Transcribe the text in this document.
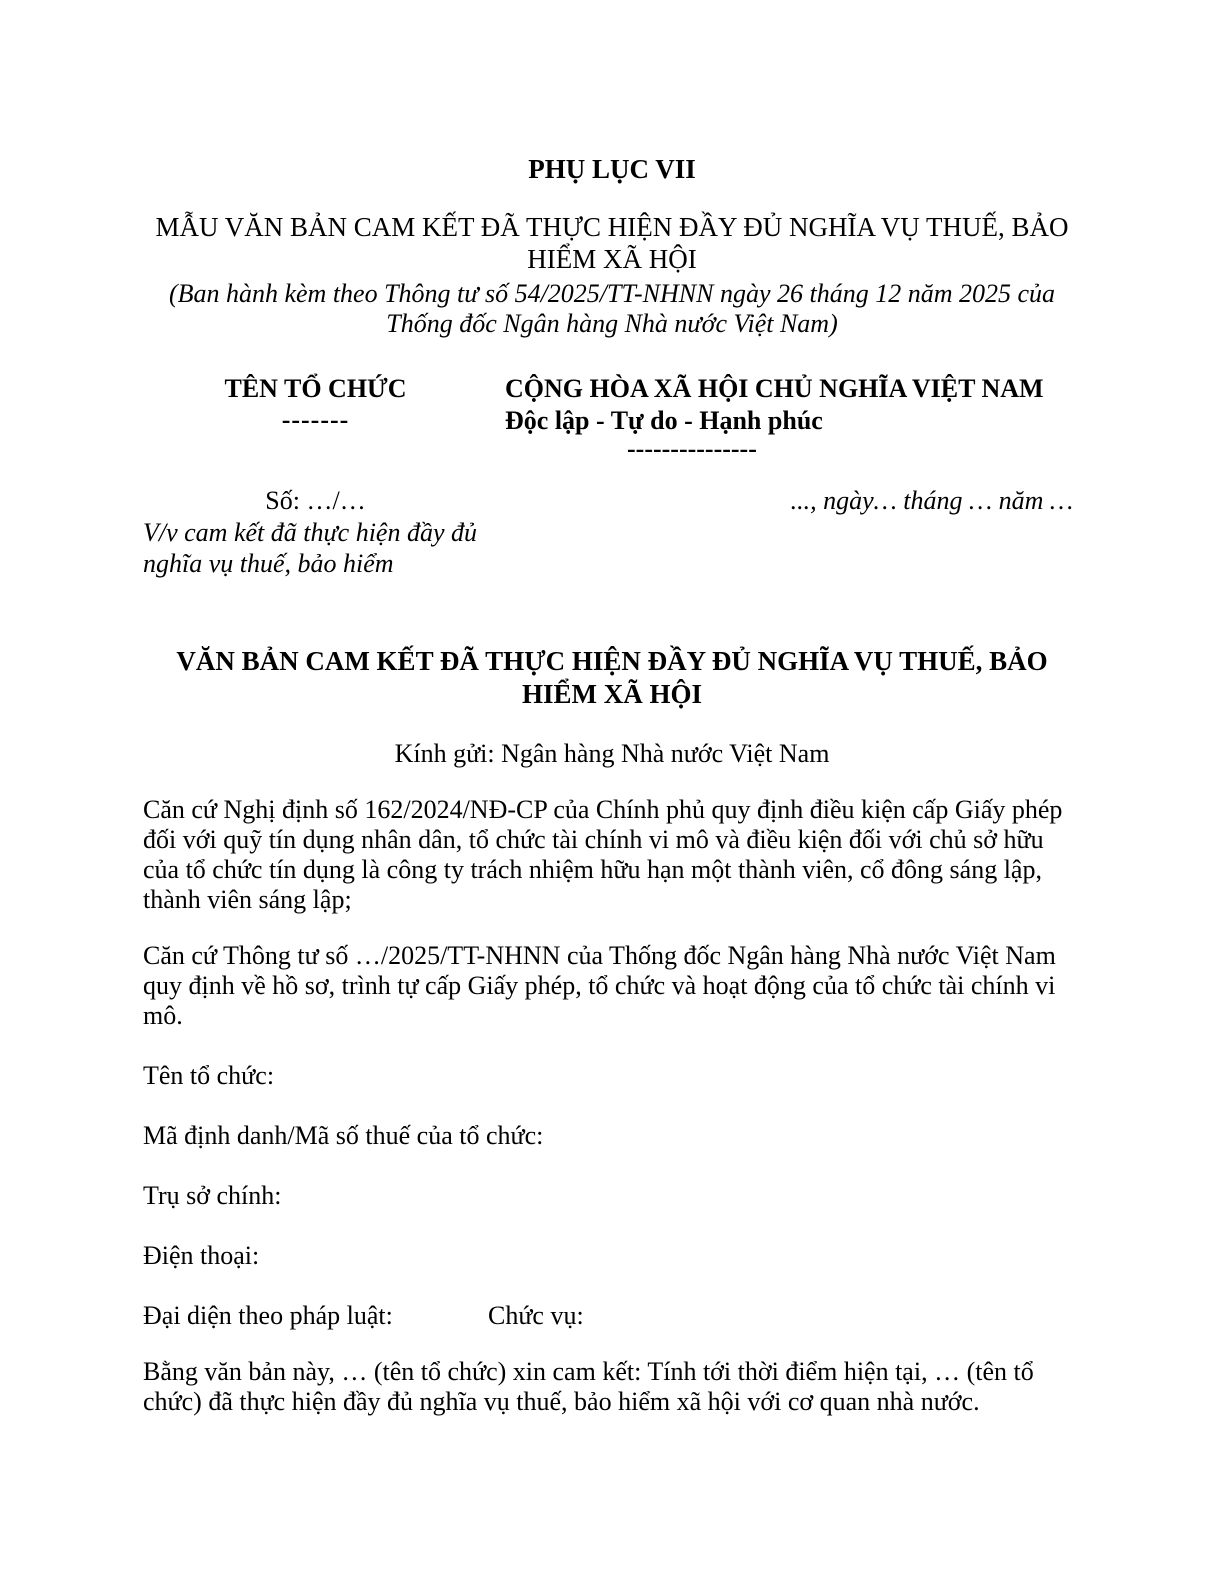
PHỤ LỤC VII
MẪU VĂN BẢN CAM KẾT ĐÃ THỰC HIỆN ĐẦY ĐỦ NGHĨA VỤ THUẾ, BẢO HIỂM XÃ HỘI
(Ban hành kèm theo Thông tư số 54/2025/TT-NHNN ngày 26 tháng 12 năm 2025 của Thống đốc Ngân hàng Nhà nước Việt Nam)
TÊN TỔ CHỨC
-------
CỘNG HÒA XÃ HỘI CHỦ NGHĨA VIỆT NAM
Độc lập - Tự do - Hạnh phúc
---------------
Số: …/…
V/v cam kết đã thực hiện đầy đủ nghĩa vụ thuế, bảo hiểm
..., ngày… tháng … năm …
VĂN BẢN CAM KẾT ĐÃ THỰC HIỆN ĐẦY ĐỦ NGHĨA VỤ THUẾ, BẢO HIỂM XÃ HỘI
Kính gửi: Ngân hàng Nhà nước Việt Nam

Căn cứ Nghị định số 162/2024/NĐ-CP của Chính phủ quy định điều kiện cấp Giấy phép đối với quỹ tín dụng nhân dân, tổ chức tài chính vi mô và điều kiện đối với chủ sở hữu của tổ chức tín dụng là công ty trách nhiệm hữu hạn một thành viên, cổ đông sáng lập, thành viên sáng lập;

Căn cứ Thông tư số …/2025/TT-NHNN của Thống đốc Ngân hàng Nhà nước Việt Nam quy định về hồ sơ, trình tự cấp Giấy phép, tổ chức và hoạt động của tổ chức tài chính vi mô.

Tên tổ chức:

Mã định danh/Mã số thuế của tổ chức:

Trụ sở chính:

Điện thoại:

Đại diện theo pháp luật:	Chức vụ:

Bằng văn bản này, … (tên tổ chức) xin cam kết: Tính tới thời điểm hiện tại, … (tên tổ chức) đã thực hiện đầy đủ nghĩa vụ thuế, bảo hiểm xã hội với cơ quan nhà nước.
